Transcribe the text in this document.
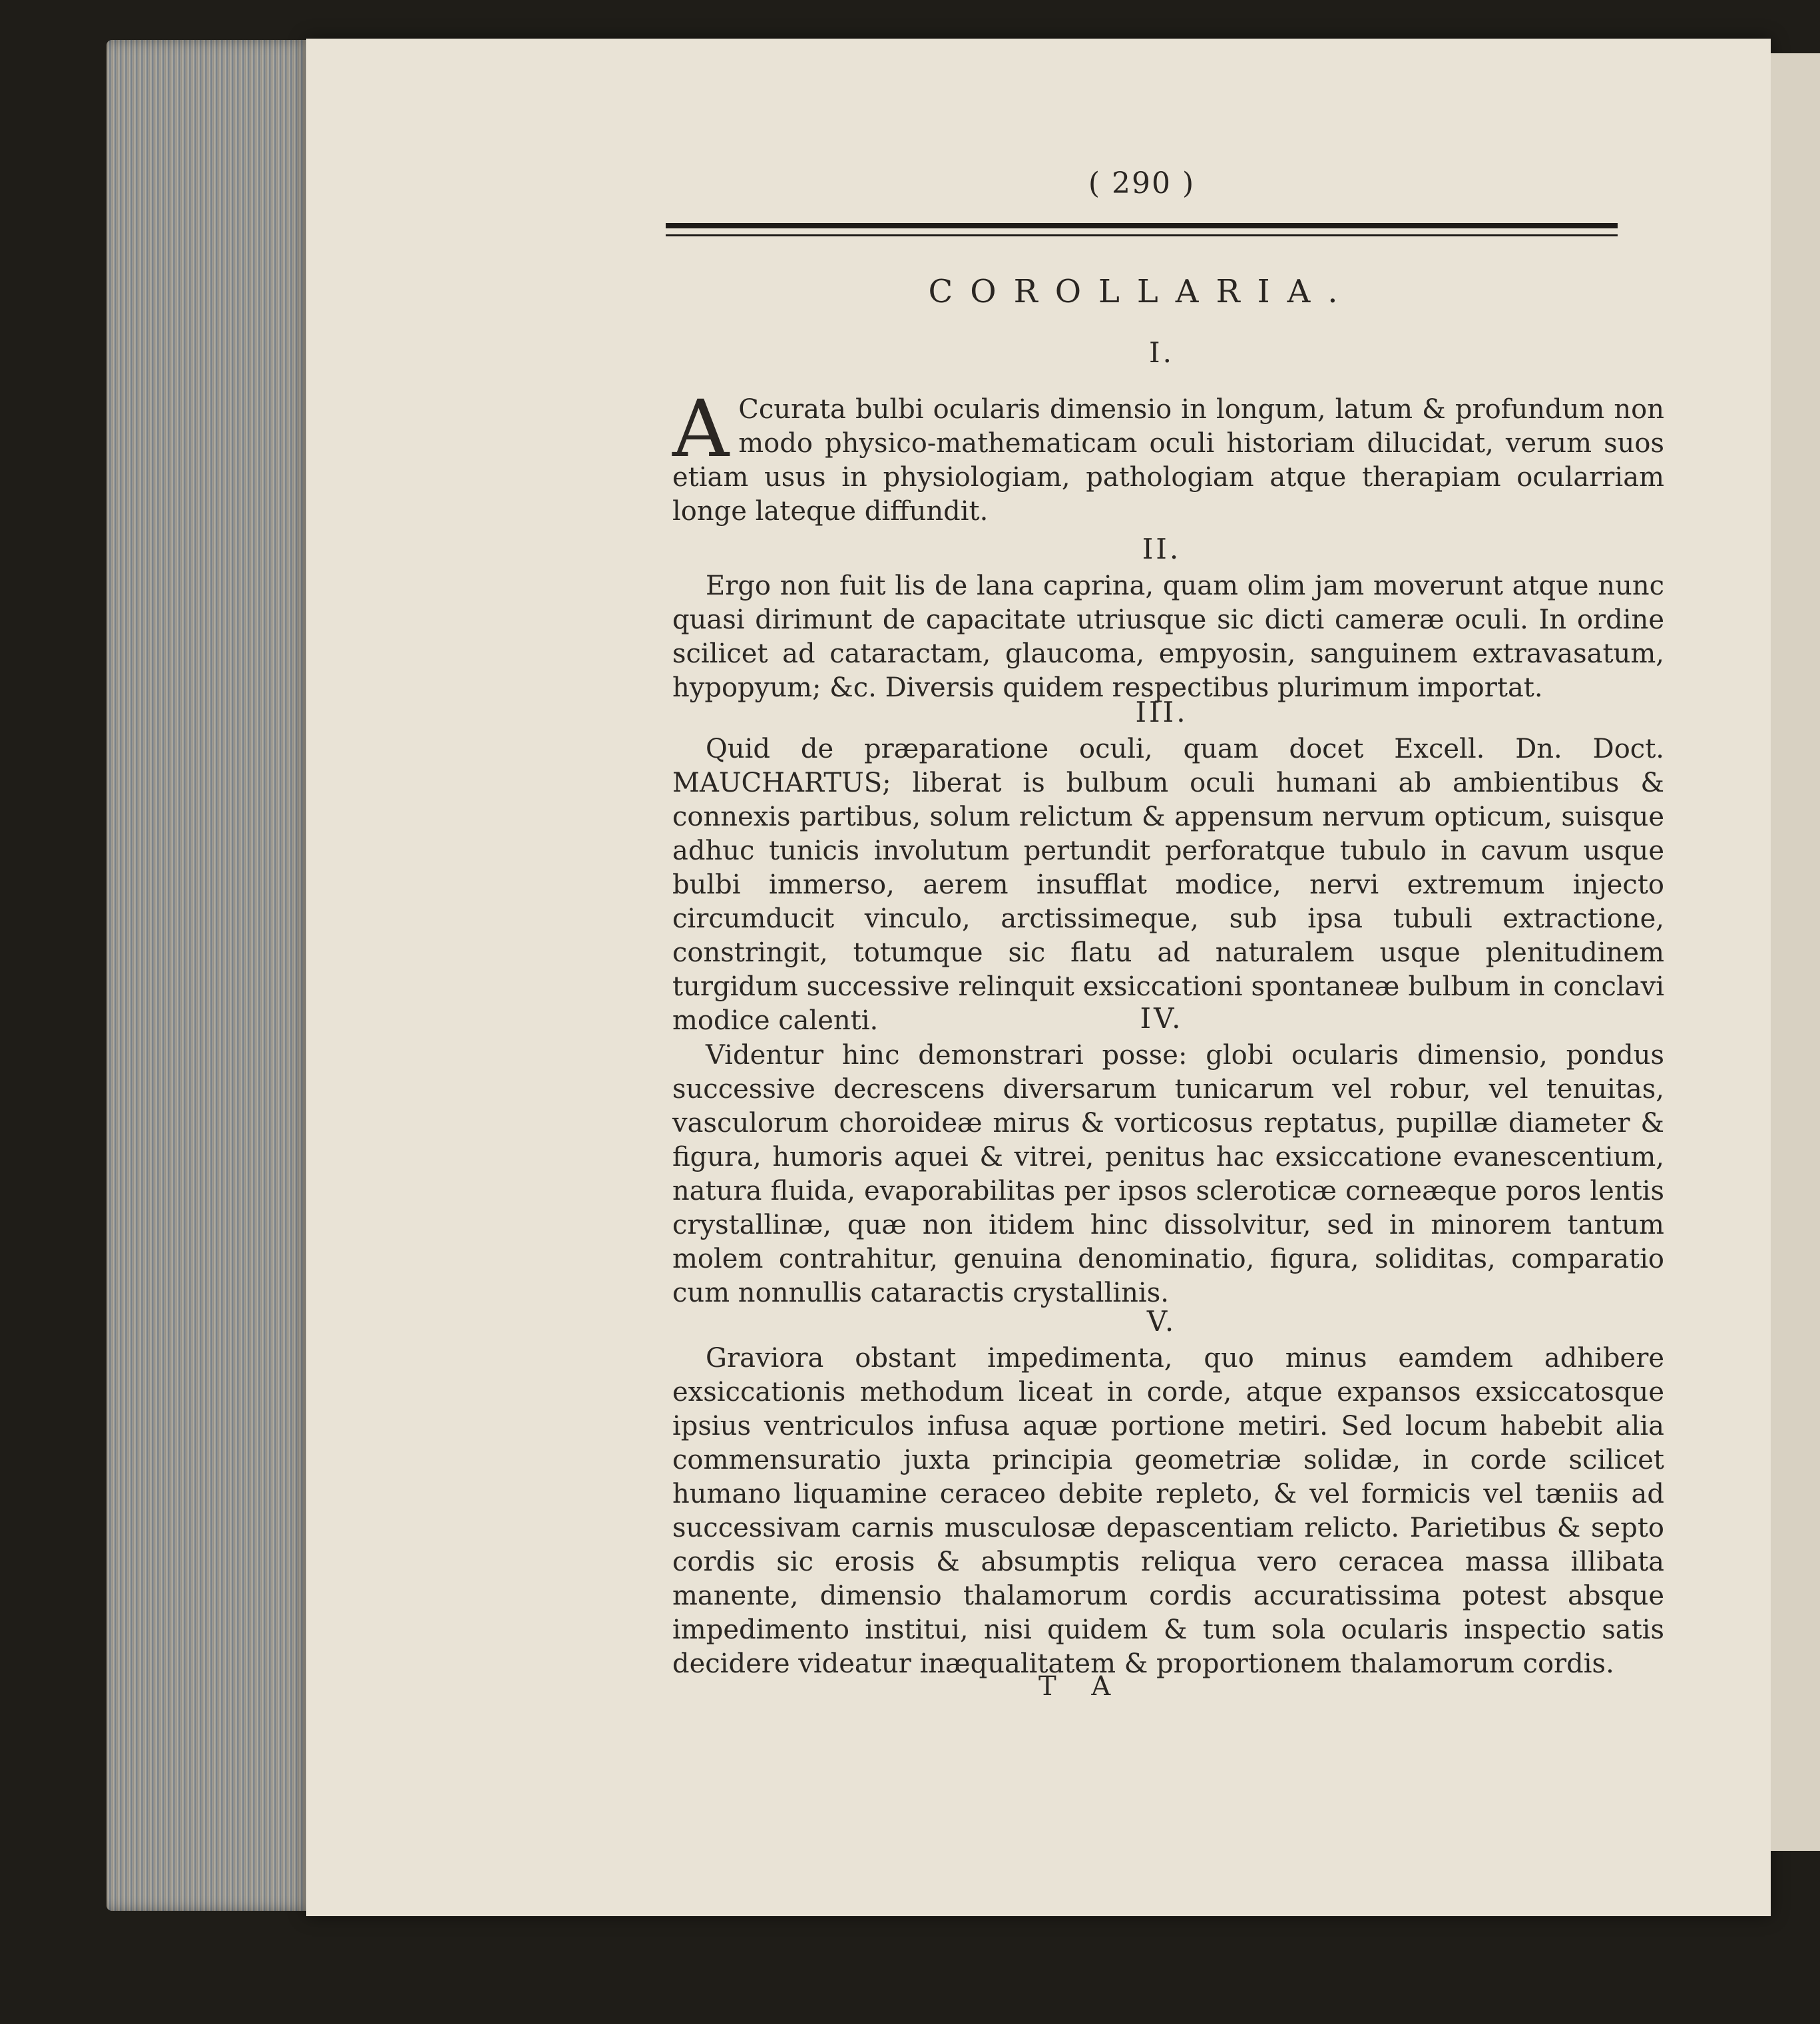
( 290 )
COROLLARIA.
I.
A Ccurata bulbi ocularis dimensio in longum, latum & profundum non modo physico-mathematicam oculi historiam dilucidat, verum suos etiam usus in physiologiam, pathologiam atque therapiam ocularriam longe lateque diffundit.
II.
Ergo non fuit lis de lana caprina, quam olim jam moverunt atque nunc quasi dirimunt de capacitate utriusque sic dicti cameræ oculi. In ordine scilicet ad cataractam, glaucoma, empyosin, sanguinem extravasatum, hypopyum; &c. Diversis quidem respectibus plurimum importat.
III.
Quid de præparatione oculi, quam docet Excell. Dn. Doct. MAUCHARTUS; liberat is bulbum oculi humani ab ambientibus & connexis partibus, solum relictum & appensum nervum opticum, suisque adhuc tunicis involutum pertundit perforatque tubulo in cavum usque bulbi immerso, aerem insufflat modice, nervi extremum injecto circumducit vinculo, arctissimeque, sub ipsa tubuli extractione, constringit, totumque sic flatu ad naturalem usque plenitudinem turgidum successive relinquit exsiccationi spontaneæ bulbum in conclavi modice calenti.	IV.
Videntur hinc demonstrari posse: globi ocularis dimensio, pondus successive decrescens diversarum tunicarum vel robur, vel tenuitas, vasculorum choroideæ mirus & vorticosus reptatus, pupillæ diameter & figura, humoris aquei & vitrei, penitus hac exsiccatione evanescentium, natura fluida, evaporabilitas per ipsos scleroticæ corneæque poros lentis crystallinæ, quæ non itidem hinc dissolvitur, sed in minorem tantum molem contrahitur, genuina denominatio, figura, soliditas, comparatio cum nonnullis cataractis crystallinis.
V.
Graviora obstant impedimenta, quo minus eamdem adhibere exsiccationis methodum liceat in corde, atque expansos exsiccatosque ipsius ventriculos infusa aquæ portione metiri. Sed locum habebit alia commensuratio juxta principia geometriæ solidæ, in corde scilicet humano liquamine ceraceo debite repleto, & vel formicis vel tæniis ad successivam carnis musculosæ depascentiam relicto. Parietibus & septo cordis sic erosis & absumptis reliqua vero ceracea massa illibata manente, dimensio thalamorum cordis accuratissima potest absque impedimento institui, nisi quidem & tum sola ocularis inspectio satis decidere videatur inæqualitatem & proportionem thalamorum cordis.
T A
